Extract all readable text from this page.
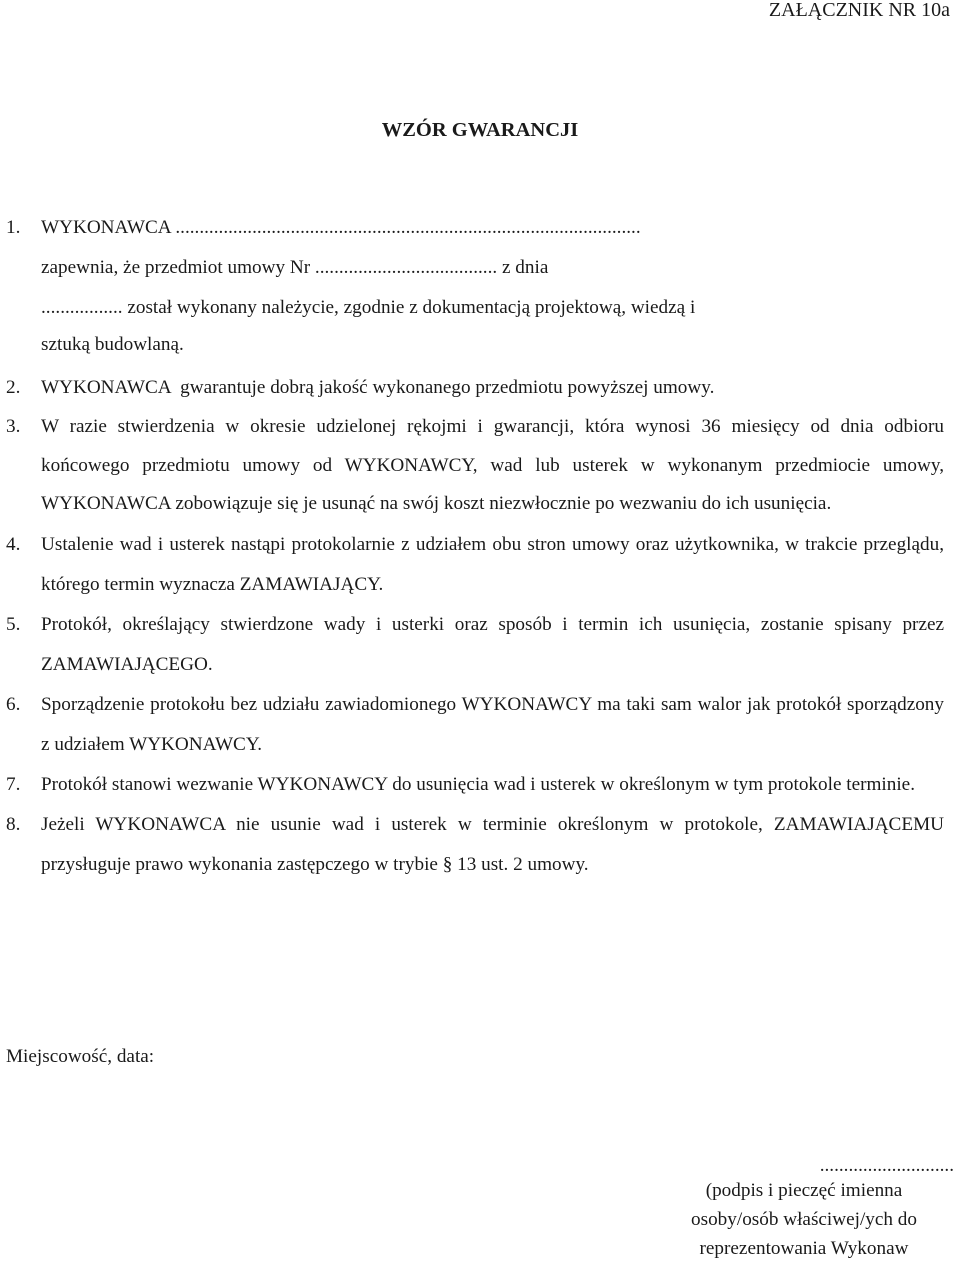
ZAŁĄCZNIK NR 10a
WZÓR GWARANCJI
1. WYKONAWCA .................................................................................................
zapewnia, że przedmiot umowy Nr ...................................... z dnia
................. został wykonany należycie, zgodnie z dokumentacją projektową, wiedzą i
sztuką budowlaną.
2. WYKONAWCA  gwarantuje dobrą jakość wykonanego przedmiotu powyższej umowy.
3. W razie stwierdzenia w okresie udzielonej rękojmi i gwarancji, która wynosi 36 miesięcy od dnia odbioru końcowego przedmiotu umowy od WYKONAWCY, wad lub usterek w wykonanym przedmiocie umowy, WYKONAWCA zobowiązuje się je usunąć na swój koszt niezwłocznie po wezwaniu do ich usunięcia.
4. Ustalenie wad i usterek nastąpi protokolarnie z udziałem obu stron umowy oraz użytkownika, w trakcie przeglądu, którego termin wyznacza ZAMAWIAJĄCY.
5. Protokół, określający stwierdzone wady i usterki oraz sposób i termin ich usunięcia, zostanie spisany przez ZAMAWIAJĄCEGO.
6. Sporządzenie protokołu bez udziału zawiadomionego WYKONAWCY ma taki sam walor jak protokół sporządzony z udziałem WYKONAWCY.
7. Protokół stanowi wezwanie WYKONAWCY do usunięcia wad i usterek w określonym w tym protokole terminie.
8. Jeżeli WYKONAWCA nie usunie wad i usterek w terminie określonym w protokole, ZAMAWIAJĄCEMU przysługuje prawo wykonania zastępczego w trybie § 13 ust. 2 umowy.
Miejscowość, data:
............................
(podpis i pieczęć imienna
osoby/osób właściwej/ych do
reprezentowania Wykonaw
